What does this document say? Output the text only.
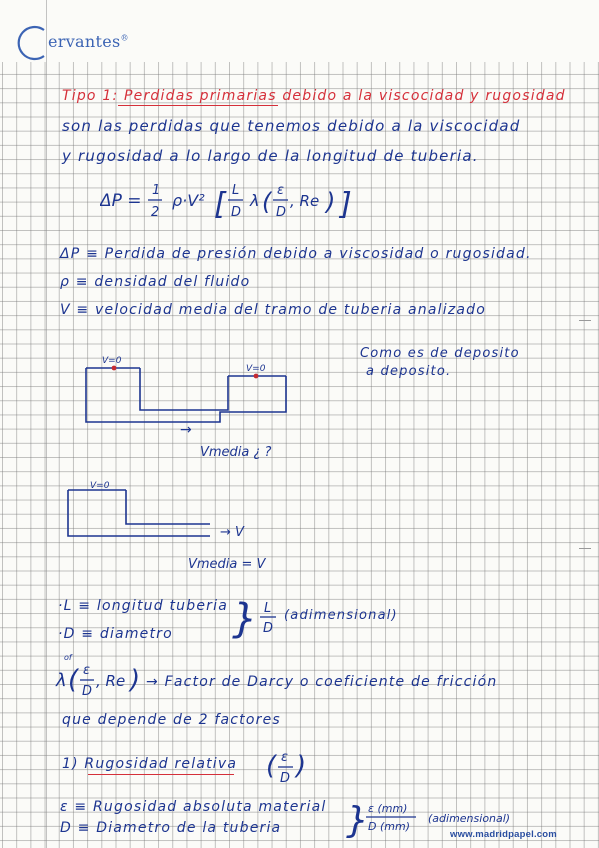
ervantes®
Tipo 1: Perdidas primarias debido a la viscocidad y rugosidad
son las perdidas que tenemos debido a la viscocidad
y rugosidad a lo largo de la longitud de tuberia.
ΔP =
1
2
ρ·V² [ L
D
λ ( ε
D
, Re ) ]
ΔP ≡ Perdida de presión debido a viscosidad o rugosidad.
ρ ≡ densidad del fluido
V ≡ velocidad media del tramo de tuberia analizado
V=0
V=0
→
Vmedia ¿ ?
Como es de deposito
a deposito.
V=0
→ V
Vmedia = V
·L ≡ longitud tuberia
·D ≡ diametro } L
D
(adimensional)
of
λ ( ε
D
, Re ) → Factor de Darcy o coeficiente de fricción
que depende de 2 factores
1) Rugosidad relativa ( ε
D )
ε ≡ Rugosidad absoluta material
D ≡ Diametro de la tuberia } ε (mm)
D (mm)
(adimensional)
www.madridpapel.com
